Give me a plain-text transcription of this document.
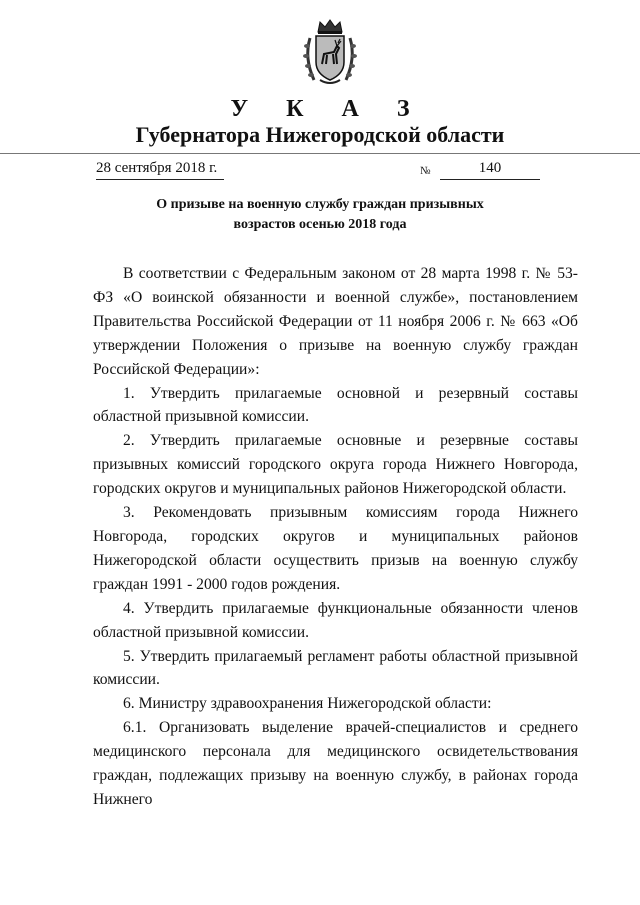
У К А З
Губернатора Нижегородской области
28 сентября 2018 г.	№	140
О призыве на военную службу граждан призывных
возрастов осенью 2018 года

В соответствии с Федеральным законом от 28 марта 1998 г. № 53-ФЗ «О воинской обязанности и военной службе», постановлением Правительства Российской Федерации от 11 ноября 2006 г. № 663 «Об утверждении Положения о призыве на военную службу граждан Российской Федерации»:

1. Утвердить прилагаемые основной и резервный составы областной призывной комиссии.

2. Утвердить прилагаемые основные и резервные составы призывных комиссий городского округа города Нижнего Новгорода, городских округов и муниципальных районов Нижегородской области.

3. Рекомендовать призывным комиссиям города Нижнего Новгорода, городских округов и муниципальных районов Нижегородской области осуществить призыв на военную службу граждан 1991 - 2000 годов рождения.

4. Утвердить прилагаемые функциональные обязанности членов областной призывной комиссии.

5. Утвердить прилагаемый регламент работы областной призывной комиссии.

6. Министру здравоохранения Нижегородской области:

6.1. Организовать выделение врачей-специалистов и среднего медицинского персонала для медицинского освидетельствования граждан, подлежащих призыву на военную службу, в районах города Нижнего
